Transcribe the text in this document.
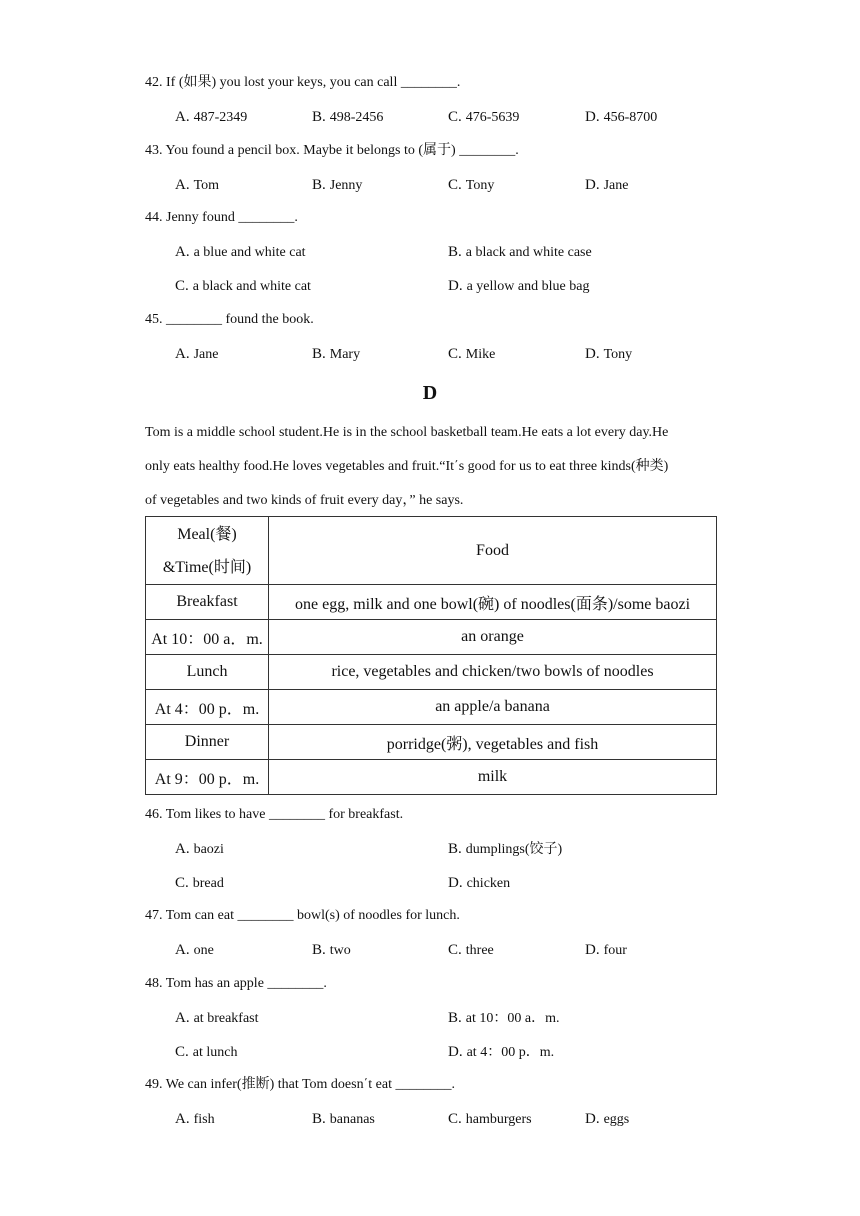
42. If (如果) you lost your keys, you can call ________.
A. 487-2349	B. 498-2456	C. 476-5639	D. 456-8700
43. You found a pencil box. Maybe it belongs to (属于) ________.
A. Tom	B. Jenny	C. Tony	D. Jane
44. Jenny found ________.
A. a blue and white cat	B. a black and white case
C. a black and white cat	D. a yellow and blue bag
45. ________ found the book.
A. Jane	B. Mary	C. Mike	D. Tony
D
Tom is a middle school student.He is in the school basketball team.He eats a lot every day.He
only eats healthy food.He loves vegetables and fruit.“It΄s good for us to eat three kinds(种类)
of vegetables and two kinds of fruit every day，” he says.
Meal(餐)
&Time(时间)	Food
Breakfast	one egg, milk and one bowl(碗) of noodles(面条)/some baozi
At 10：00 a．m.	an orange
Lunch	rice, vegetables and chicken/two bowls of noodles
At 4：00 p．m.	an apple/a banana
Dinner	porridge(粥), vegetables and fish
At 9：00 p．m.	milk
46. Tom likes to have ________ for breakfast.
A. baozi	B. dumplings(饺子)
C. bread	D. chicken
47. Tom can eat ________ bowl(s) of noodles for lunch.
A. one	B. two	C. three	D. four
48. Tom has an apple ________.
A. at breakfast	B. at 10：00 a．m.
C. at lunch	D. at 4：00 p．m.
49. We can infer(推断) that Tom doesn΄t eat ________.
A. fish	B. bananas	C. hamburgers	D. eggs
